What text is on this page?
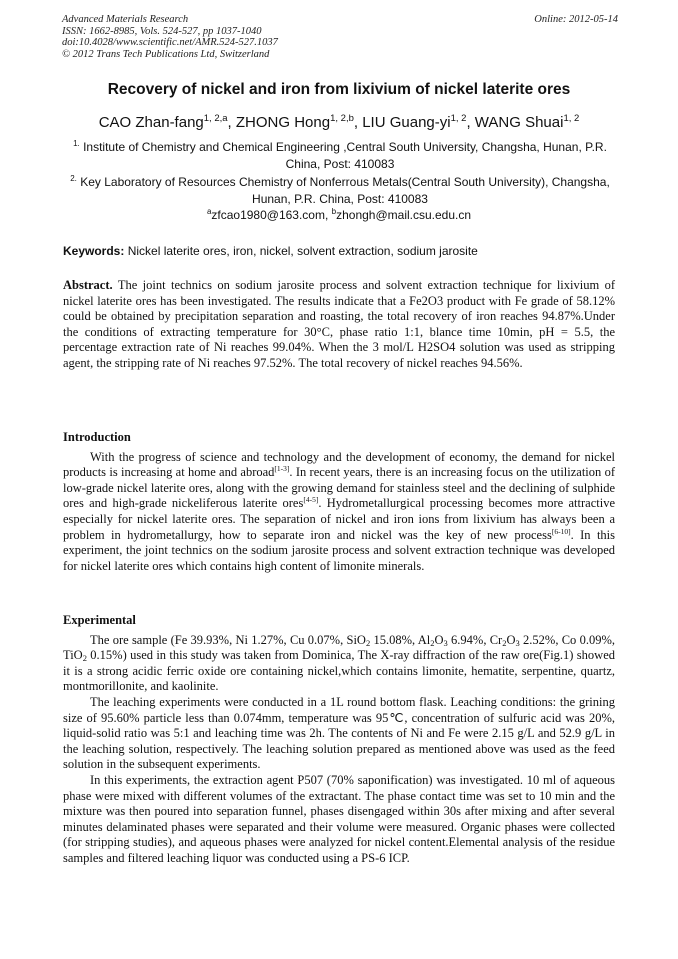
Advanced Materials Research
ISSN: 1662-8985, Vols. 524-527, pp 1037-1040
doi:10.4028/www.scientific.net/AMR.524-527.1037
© 2012 Trans Tech Publications Ltd, Switzerland
Online: 2012-05-14
Recovery of nickel and iron from lixivium of nickel laterite ores
CAO Zhan-fang$^{1, 2,a}$, ZHONG Hong$^{1, 2,b}$, LIU Guang-yi$^{1, 2}$, WANG Shuai$^{1, 2}$
$^{1.}$ Institute of Chemistry and Chemical Engineering ,Central South University, Changsha, Hunan, P.R. China, Post: 410083
$^{2.}$ Key Laboratory of Resources Chemistry of Nonferrous Metals(Central South University), Changsha, Hunan, P.R. China, Post: 410083
$^a$zfcao1980@163.com, $^b$zhongh@mail.csu.edu.cn
Keywords: Nickel laterite ores, iron, nickel, solvent extraction, sodium jarosite

Abstract. The joint technics on sodium jarosite process and solvent extraction technique for lixivium of nickel laterite ores has been investigated. The results indicate that a Fe2O3 product with Fe grade of 58.12% could be obtained by precipitation separation and roasting, the total recovery of iron reaches 94.87%.Under the conditions of extracting temperature for 30°C, phase ratio 1:1, blance time 10min, pH = 5.5, the percentage extraction rate of Ni reaches 99.04%. When the 3 mol/L H2SO4 solution was used as stripping agent, the stripping rate of Ni reaches 97.52%. The total recovery of nickel reaches 94.56%.

Introduction

With the progress of science and technology and the development of economy, the demand for nickel products is increasing at home and abroad[1-3]. In recent years, there is an increasing focus on the utilization of low-grade nickel laterite ores, along with the growing demand for stainless steel and the declining of sulphide ores and high-grade nickeliferous laterite ores[4-5]. Hydrometallurgical processing becomes more attractive especially for nickel laterite ores. The separation of nickel and iron ions from lixivium has always been a problem in hydrometallurgy, how to separate iron and nickel was the key of new process[6-10]. In this experiment, the joint technics on the sodium jarosite process and solvent extraction technique was developed for nickel laterite ores which contains high content of limonite minerals.

Experimental

The ore sample (Fe 39.93%, Ni 1.27%, Cu 0.07%, SiO$_2$ 15.08%, $Al_2O_3$ 6.94%, $Cr_2O_3$ 2.52%, Co 0.09%, TiO$_2$ 0.15%) used in this study was taken from Dominica, The X-ray diffraction of the raw ore(Fig.1) showed it is a strong acidic ferric oxide ore containing nickel,which contains limonite, hematite, serpentine, quartz, montmorillonite, and kaolinite.

The leaching experiments were conducted in a 1L round bottom flask. Leaching conditions: the grining size of 95.60% particle less than 0.074mm, temperature was 95℃, concentration of sulfuric acid was 20%, liquid-solid ratio was 5:1 and leaching time was 2h. The contents of Ni and Fe were 2.15 g/L and 52.9 g/L in the leaching solution, respectively. The leaching solution prepared as mentioned above was used as the feed solution in the subsequent experiments.

In this experiments, the extraction agent P507 (70% saponification) was investigated. 10 ml of aqueous phase were mixed with different volumes of the extractant. The phase contact time was set to 10 min and the mixture was then poured into separation funnel, phases disengaged within 30s after mixing and after several minutes delaminated phases were separated and their volume were measured. Organic phases were collected (for stripping studies), and aqueous phases were analyzed for nickel content.Elemental analysis of the residue samples and filtered leaching liquor was conducted using a PS-6 ICP.
